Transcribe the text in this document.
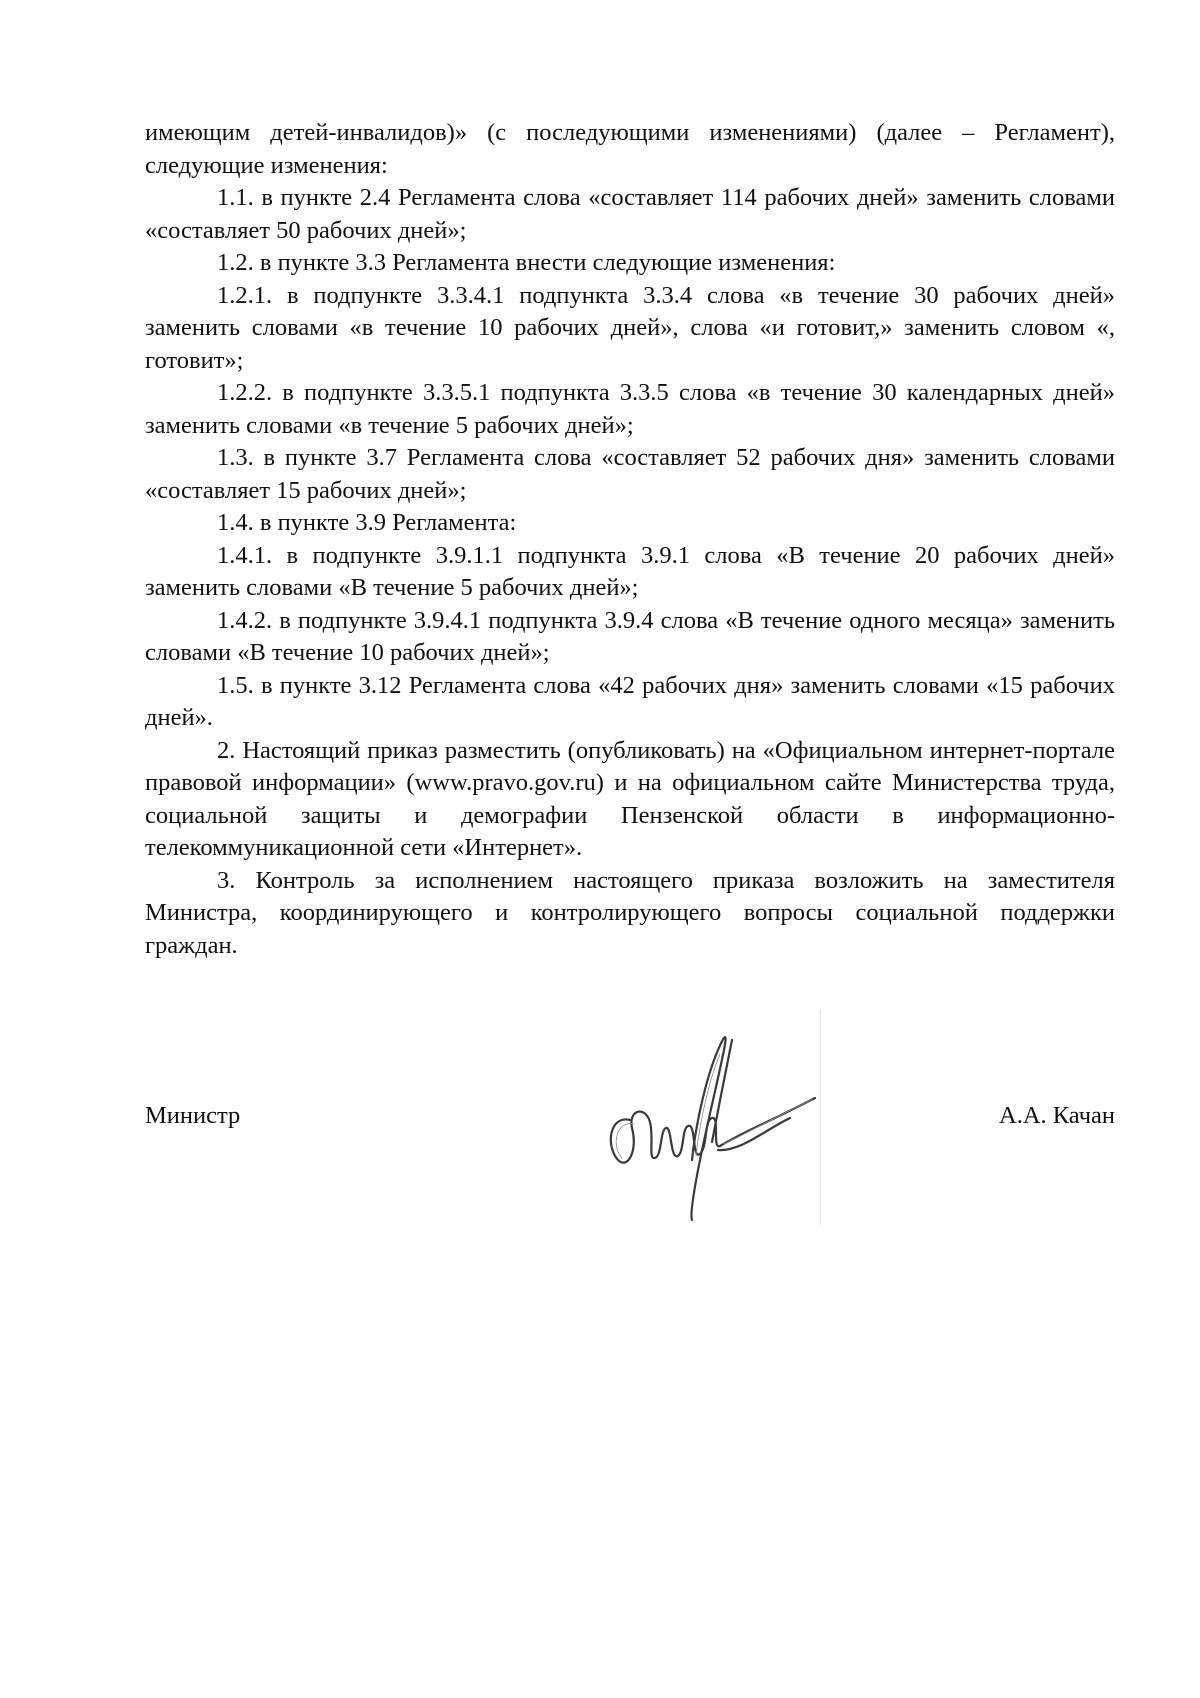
имеющим детей-инвалидов)» (с последующими изменениями) (далее – Регламент), следующие изменения:

1.1. в пункте 2.4 Регламента слова «составляет 114 рабочих дней» заменить словами «составляет 50 рабочих дней»;

1.2. в пункте 3.3 Регламента внести следующие изменения:

1.2.1. в подпункте 3.3.4.1 подпункта 3.3.4 слова «в течение 30 рабочих дней» заменить словами «в течение 10 рабочих дней», слова «и готовит,» заменить словом «, готовит»;

1.2.2. в подпункте 3.3.5.1 подпункта 3.3.5 слова «в течение 30 календарных дней» заменить словами «в течение 5 рабочих дней»;

1.3. в пункте 3.7 Регламента слова «составляет 52 рабочих дня» заменить словами «составляет 15 рабочих дней»;

1.4. в пункте 3.9 Регламента:

1.4.1. в подпункте 3.9.1.1 подпункта 3.9.1 слова «В течение 20 рабочих дней» заменить словами «В течение 5 рабочих дней»;

1.4.2. в подпункте 3.9.4.1 подпункта 3.9.4 слова «В течение одного месяца» заменить словами «В течение 10 рабочих дней»;

1.5. в пункте 3.12 Регламента слова «42 рабочих дня» заменить словами «15 рабочих дней».

2. Настоящий приказ разместить (опубликовать) на «Официальном интернет-портале правовой информации» (www.pravo.gov.ru) и на официальном сайте Министерства труда, социальной защиты и демографии Пензенской области в информационно-телекоммуникационной сети «Интернет».

3. Контроль за исполнением настоящего приказа возложить на заместителя Министра, координирующего и контролирующего вопросы социальной поддержки граждан.

Министр	А.А. Качан
